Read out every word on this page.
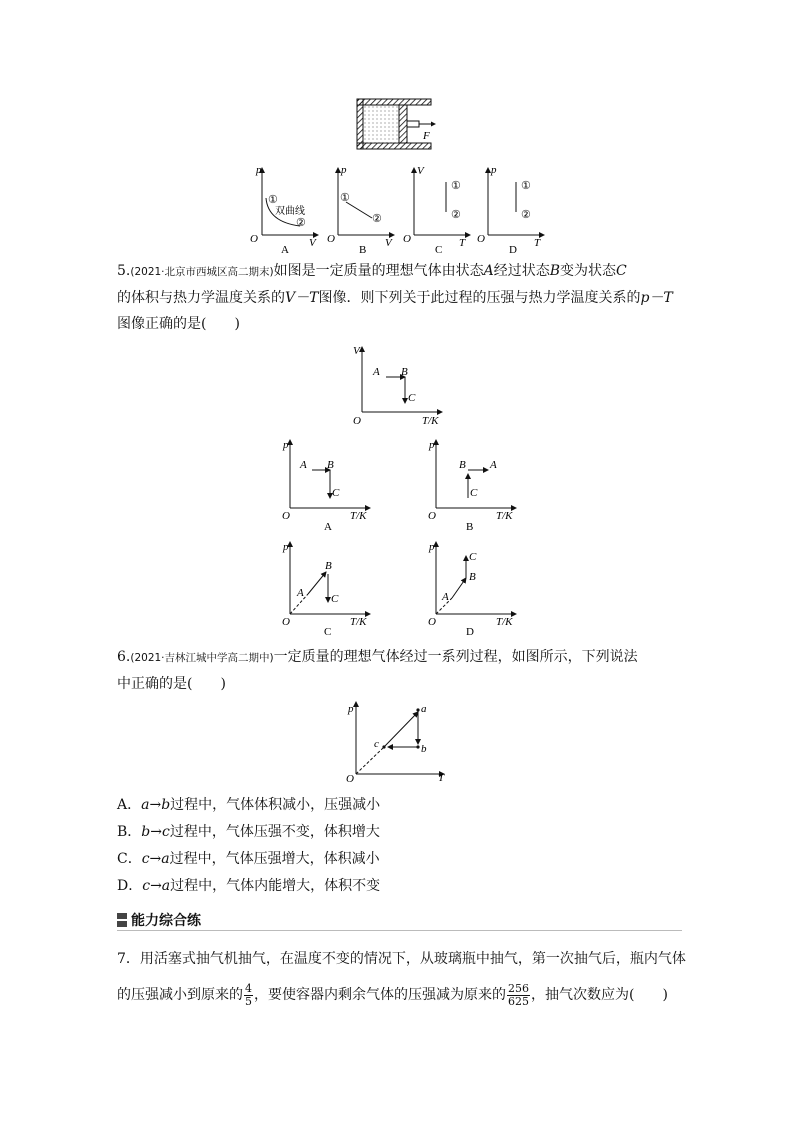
F
p
V
O
①
②
双曲线
A
p
V
O
①
②
B
V
T
O
①
②
C
p
T
O
①
②
D
5.(2021·北京市西城区高二期末)如图是一定质量的理想气体由状态A经过状态B变为状态C
的体积与热力学温度关系的V－T图像．则下列关于此过程的压强与热力学温度关系的p－T
图像正确的是(　　)
V
T/K
O
A B
C
p
T/K
O
A B
C
A
p
T/K
O
A
B
C
B
p
T/K
O
A
B
C
C
p
T/K
O
A
B
C
D
6.(2021·吉林江城中学高二期中)一定质量的理想气体经过一系列过程，如图所示，下列说法
中正确的是(　　)
p
T
O
a
b
c
A．a→b过程中，气体体积减小，压强减小
B．b→c过程中，气体压强不变，体积增大
C．c→a过程中，气体压强增大，体积减小
D．c→a过程中，气体内能增大，体积不变
能力综合练
7．用活塞式抽气机抽气，在温度不变的情况下，从玻璃瓶中抽气，第一次抽气后，瓶内气体
的压强减小到原来的 $\frac{4}{5}$ ，要使容器内剩余气体的压强减为原来的 $\frac{256}{625}$ ，抽气次数应为(　　)
